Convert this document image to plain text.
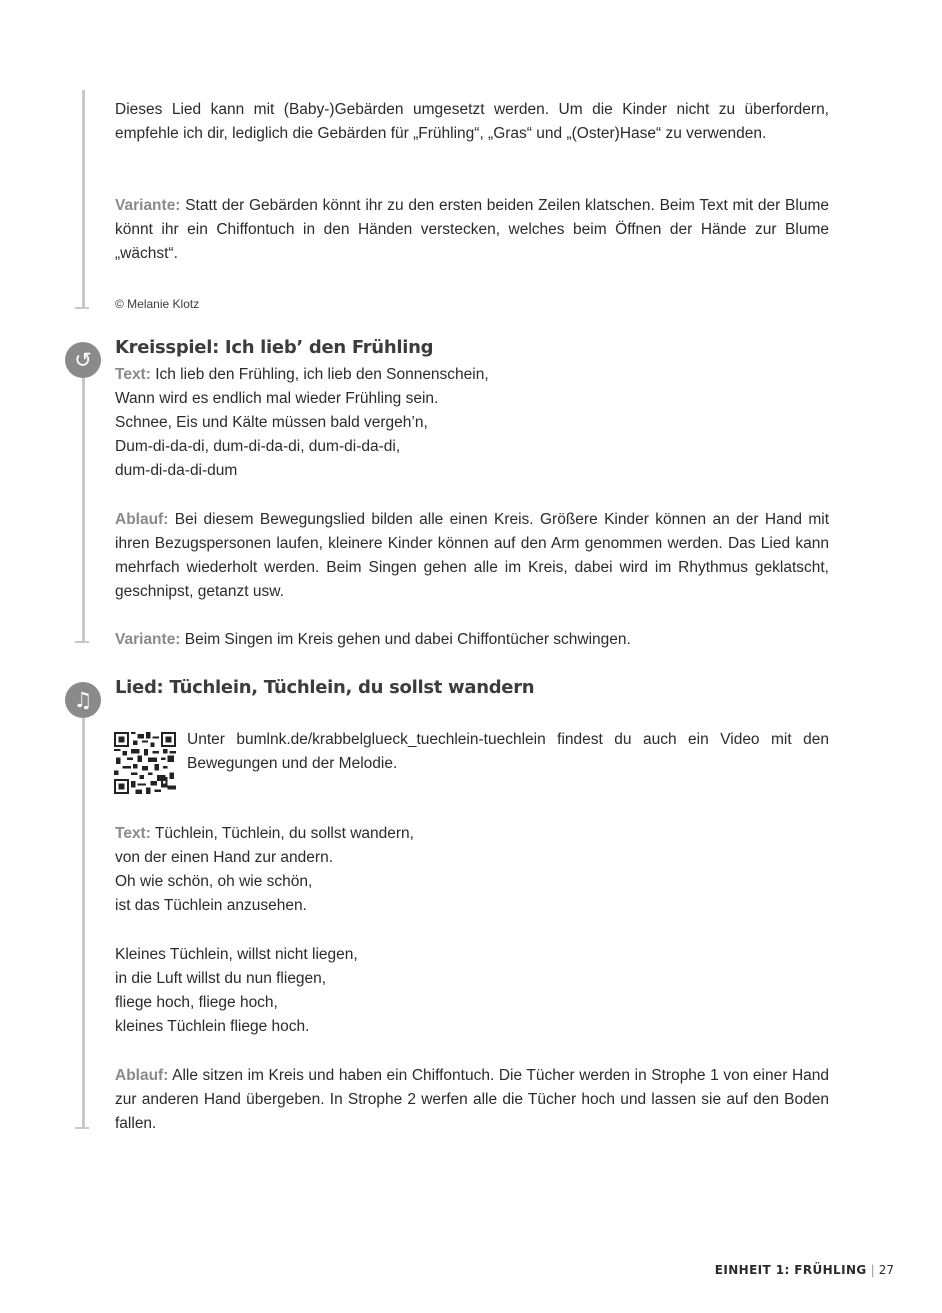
Dieses Lied kann mit (Baby-)Gebärden umgesetzt werden. Um die Kinder nicht zu überfordern, empfehle ich dir, lediglich die Gebärden für „Frühling“, „Gras“ und „(Oster)Hase“ zu verwenden.

Variante: Statt der Gebärden könnt ihr zu den ersten beiden Zeilen klatschen. Beim Text mit der Blume könnt ihr ein Chiffontuch in den Händen verstecken, welches beim Öffnen der Hände zur Blume „wächst“.

© Melanie Klotz
↺	Kreisspiel: Ich lieb’ den Frühling
Text: Ich lieb den Frühling, ich lieb den Sonnenschein,
Wann wird es endlich mal wieder Frühling sein.
Schnee, Eis und Kälte müssen bald vergeh’n,
Dum-di-da-di, dum-di-da-di, dum-di-da-di,
dum-di-da-di-dum

Ablauf: Bei diesem Bewegungslied bilden alle einen Kreis. Größere Kinder können an der Hand mit ihren Bezugspersonen laufen, kleinere Kinder können auf den Arm genommen werden. Das Lied kann mehrfach wiederholt werden. Beim Singen gehen alle im Kreis, dabei wird im Rhythmus geklatscht, geschnipst, getanzt usw.

Variante: Beim Singen im Kreis gehen und dabei Chiffontücher schwingen.

♫	Lied: Tüchlein, Tüchlein, du sollst wandern

Unter bumlnk.de/krabbelglueck_tuechlein-tuechlein findest du auch ein Video mit den Bewegungen und der Melodie.

Text: Tüchlein, Tüchlein, du sollst wandern,
von der einen Hand zur andern.
Oh wie schön, oh wie schön,
ist das Tüchlein anzusehen.
Kleines Tüchlein, willst nicht liegen,
in die Luft willst du nun fliegen,
fliege hoch, fliege hoch,
kleines Tüchlein fliege hoch.

Ablauf: Alle sitzen im Kreis und haben ein Chiffontuch. Die Tücher werden in Strophe 1 von einer Hand zur anderen Hand übergeben. In Strophe 2 werfen alle die Tücher hoch und lassen sie auf den Boden fallen.

EINHEIT 1: FRÜHLING | 27
